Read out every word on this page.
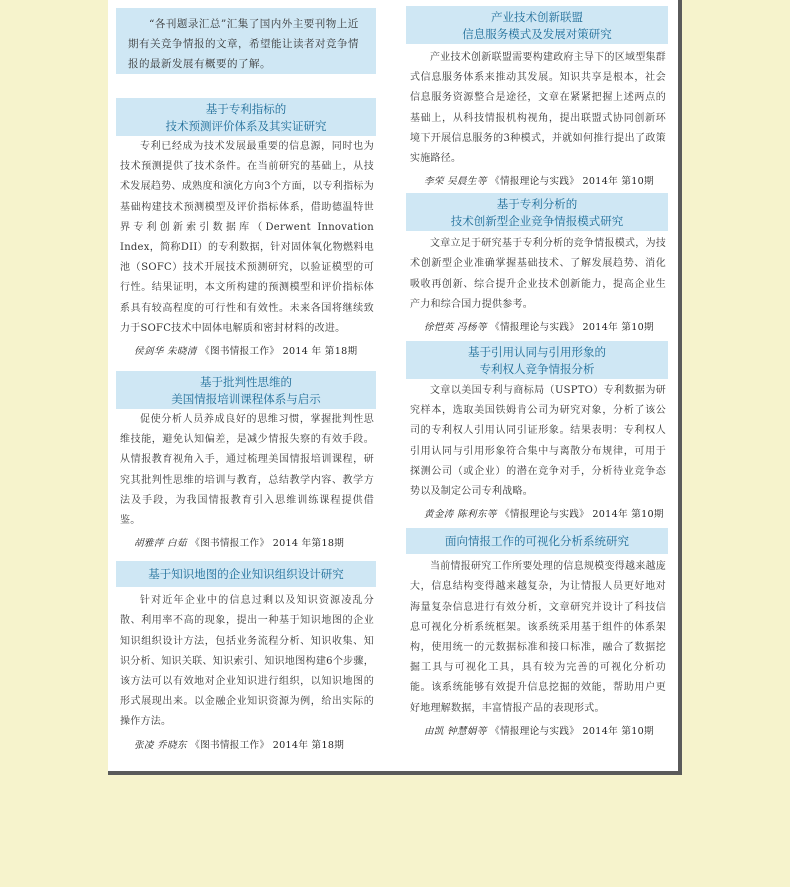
“各刊题录汇总”汇集了国内外主要刊物上近期有关竞争情报的文章，希望能让读者对竞争情报的最新发展有概要的了解。
基于专利指标的
技术预测评价体系及其实证研究
专利已经成为技术发展最重要的信息源，同时也为技术预测提供了技术条件。在当前研究的基础上，从技术发展趋势、成熟度和演化方向3个方面，以专利指标为基础构建技术预测模型及评价指标体系，借助德温特世界专利创新索引数据库（Derwent Innovation Index，简称DII）的专利数据，针对固体氧化物燃料电池（SOFC）技术开展技术预测研究，以验证模型的可行性。结果证明，本文所构建的预测模型和评价指标体系具有较高程度的可行性和有效性。未来各国将继续致力于SOFC技术中固体电解质和密封材料的改进。
侯剑华 朱晓清 《图书情报工作》 2014 年 第18期
基于批判性思维的
美国情报培训课程体系与启示
促使分析人员养成良好的思维习惯，掌握批判性思维技能，避免认知偏差，是减少情报失察的有效手段。从情报教育视角入手，通过梳理美国情报培训课程，研究其批判性思维的培训与教育，总结教学内容、教学方法及手段，为我国情报教育引入思维训练课程提供借鉴。
胡雅萍 白茹 《图书情报工作》 2014 年第18期
基于知识地图的企业知识组织设计研究
针对近年企业中的信息过剩以及知识资源凌乱分散、利用率不高的现象，提出一种基于知识地图的企业知识组织设计方法，包括业务流程分析、知识收集、知识分析、知识关联、知识索引、知识地图构建6个步骤，该方法可以有效地对企业知识进行组织，以知识地图的形式展现出来。以金融企业知识资源为例，给出实际的操作方法。
张凌 乔晓东 《图书情报工作》 2014年 第18期
产业技术创新联盟
信息服务模式及发展对策研究
产业技术创新联盟需要构建政府主导下的区域型集群式信息服务体系来推动其发展。知识共享是根本，社会信息服务资源整合是途径，文章在紧紧把握上述两点的基础上，从科技情报机构视角，提出联盟式协同创新环境下开展信息服务的3种模式，并就如何推行提出了政策实施路径。
李荣 吴晨生等 《情报理论与实践》 2014年 第10期
基于专利分析的
技术创新型企业竞争情报模式研究
文章立足于研究基于专利分析的竞争情报模式，为技术创新型企业准确掌握基础技术、了解发展趋势、消化吸收再创新、综合提升企业技术创新能力，提高企业生产力和综合国力提供参考。
徐恺英 冯杨等 《情报理论与实践》 2014年 第10期
基于引用认同与引用形象的
专利权人竞争情报分析
文章以美国专利与商标局（USPTO）专利数据为研究样本，选取美国铁姆肯公司为研究对象，分析了该公司的专利权人引用认同引证形象。结果表明：专利权人引用认同与引用形象符合集中与离散分布规律，可用于探测公司（或企业）的潜在竞争对手，分析待业竞争态势以及制定公司专利战略。
黄金涛 陈利东等 《情报理论与实践》 2014年 第10期
面向情报工作的可视化分析系统研究
当前情报研究工作所要处理的信息规模变得越来越庞大，信息结构变得越来越复杂，为让情报人员更好地对海量复杂信息进行有效分析，文章研究并设计了科技信息可视化分析系统框架。该系统采用基于组件的体系架构，使用统一的元数据标准和接口标准，融合了数据挖掘工具与可视化工具，具有较为完善的可视化分析功能。该系统能够有效提升信息挖掘的效能，帮助用户更好地理解数据，丰富情报产品的表现形式。
由凯 钟慧娟等 《情报理论与实践》 2014年 第10期
